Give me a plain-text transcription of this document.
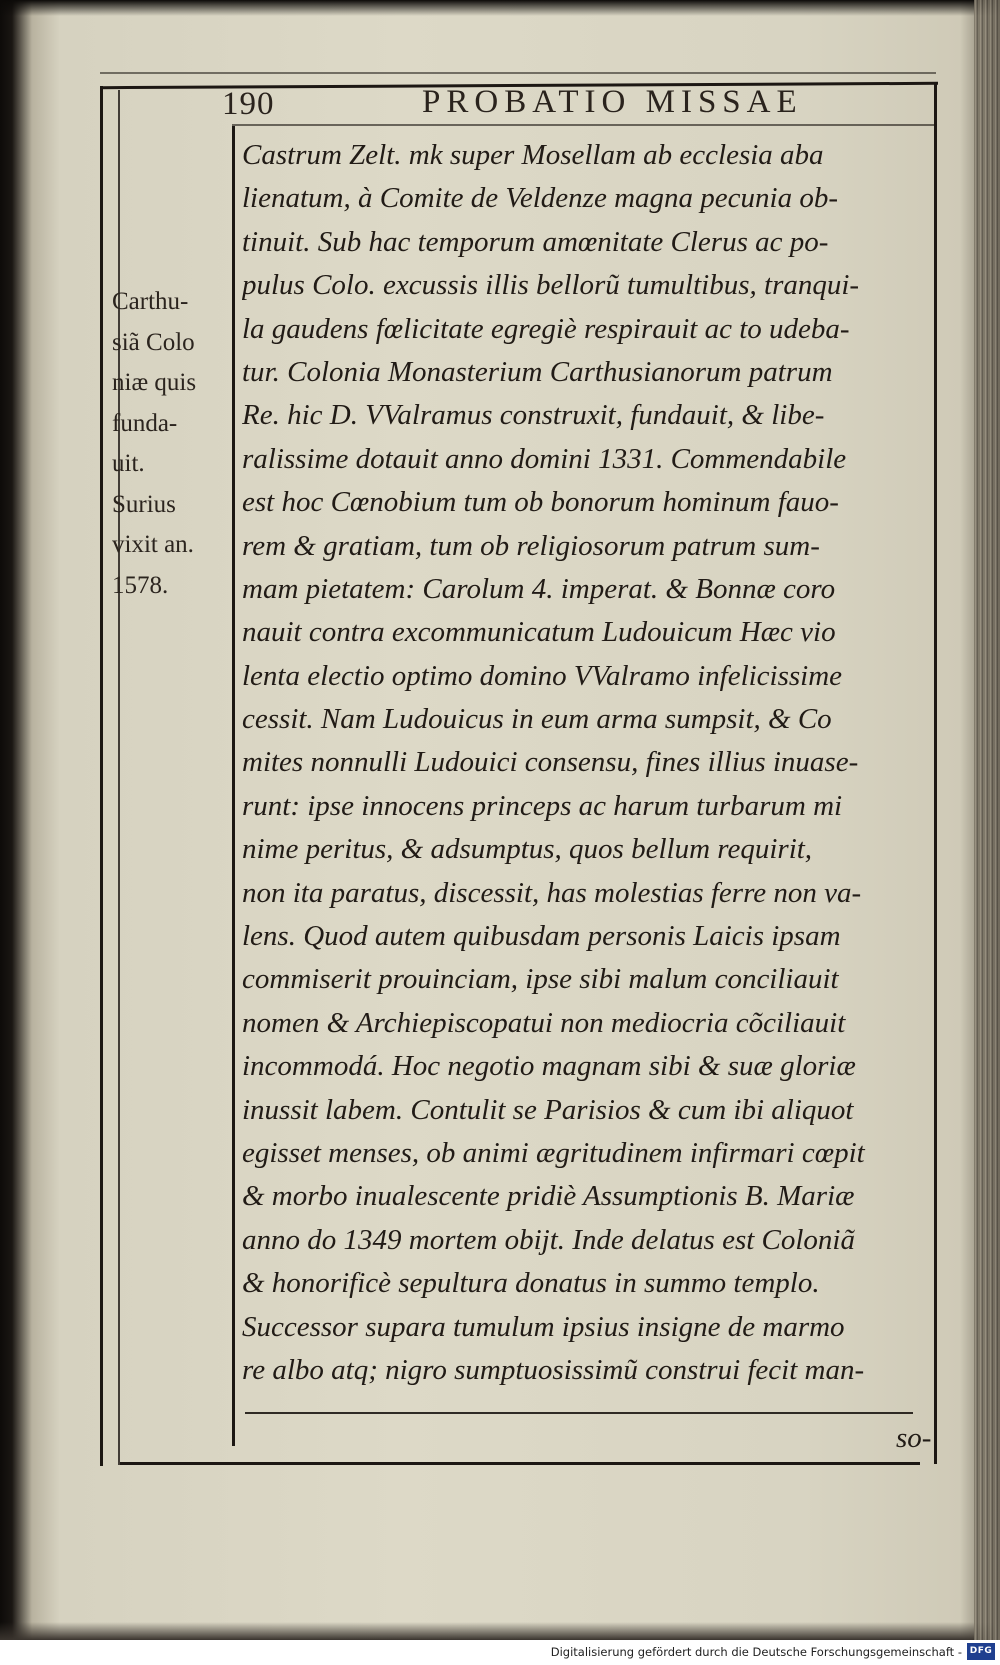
190	PROBATIO MISSAE
Carthu-
siã Colo
niæ quis
funda-
uit.
Surius
vixit an.
1578.
Castrum Zelt. mk super Mosellam ab ecclesia aba
lienatum, à Comite de Veldenze magna pecunia ob-
tinuit. Sub hac temporum amœnitate Clerus ac po-
pulus Colo. excussis illis bellorũ tumultibus, tranqui-
la gaudens fœlicitate egregiè respirauit ac to udeba-
tur. Colonia Monasterium Carthusianorum patrum
Re. hic D. VValramus construxit, fundauit, & libe-
ralissime dotauit anno domini 1331. Commendabile
est hoc Cœnobium tum ob bonorum hominum fauo-
rem & gratiam, tum ob religiosorum patrum sum-
mam pietatem: Carolum 4. imperat. & Bonnæ coro
nauit contra excommunicatum Ludouicum Hæc vio
lenta electio optimo domino VValramo infelicissime
cessit. Nam Ludouicus in eum arma sumpsit, & Co
mites nonnulli Ludouici consensu, fines illius inuase-
runt: ipse innocens princeps ac harum turbarum mi
nime peritus, & adsumptus, quos bellum requirit,
non ita paratus, discessit, has molestias ferre non va-
lens. Quod autem quibusdam personis Laicis ipsam
commiserit prouinciam, ipse sibi malum conciliauit
nomen & Archiepiscopatui non mediocria cõciliauit
incommodá. Hoc negotio magnam sibi & suæ gloriæ
inussit labem. Contulit se Parisios & cum ibi aliquot
egisset menses, ob animi ægritudinem infirmari cœpit
& morbo inualescente pridiè Assumptionis B. Mariæ
anno do 1349 mortem obijt. Inde delatus est Coloniã
& honorificè sepultura donatus in summo templo.
Successor supara tumulum ipsius insigne de marmo
re albo atq; nigro sumptuosissimũ construi fecit man-
so-
Digitalisierung gefördert durch die Deutsche Forschungsgemeinschaft - DFG
